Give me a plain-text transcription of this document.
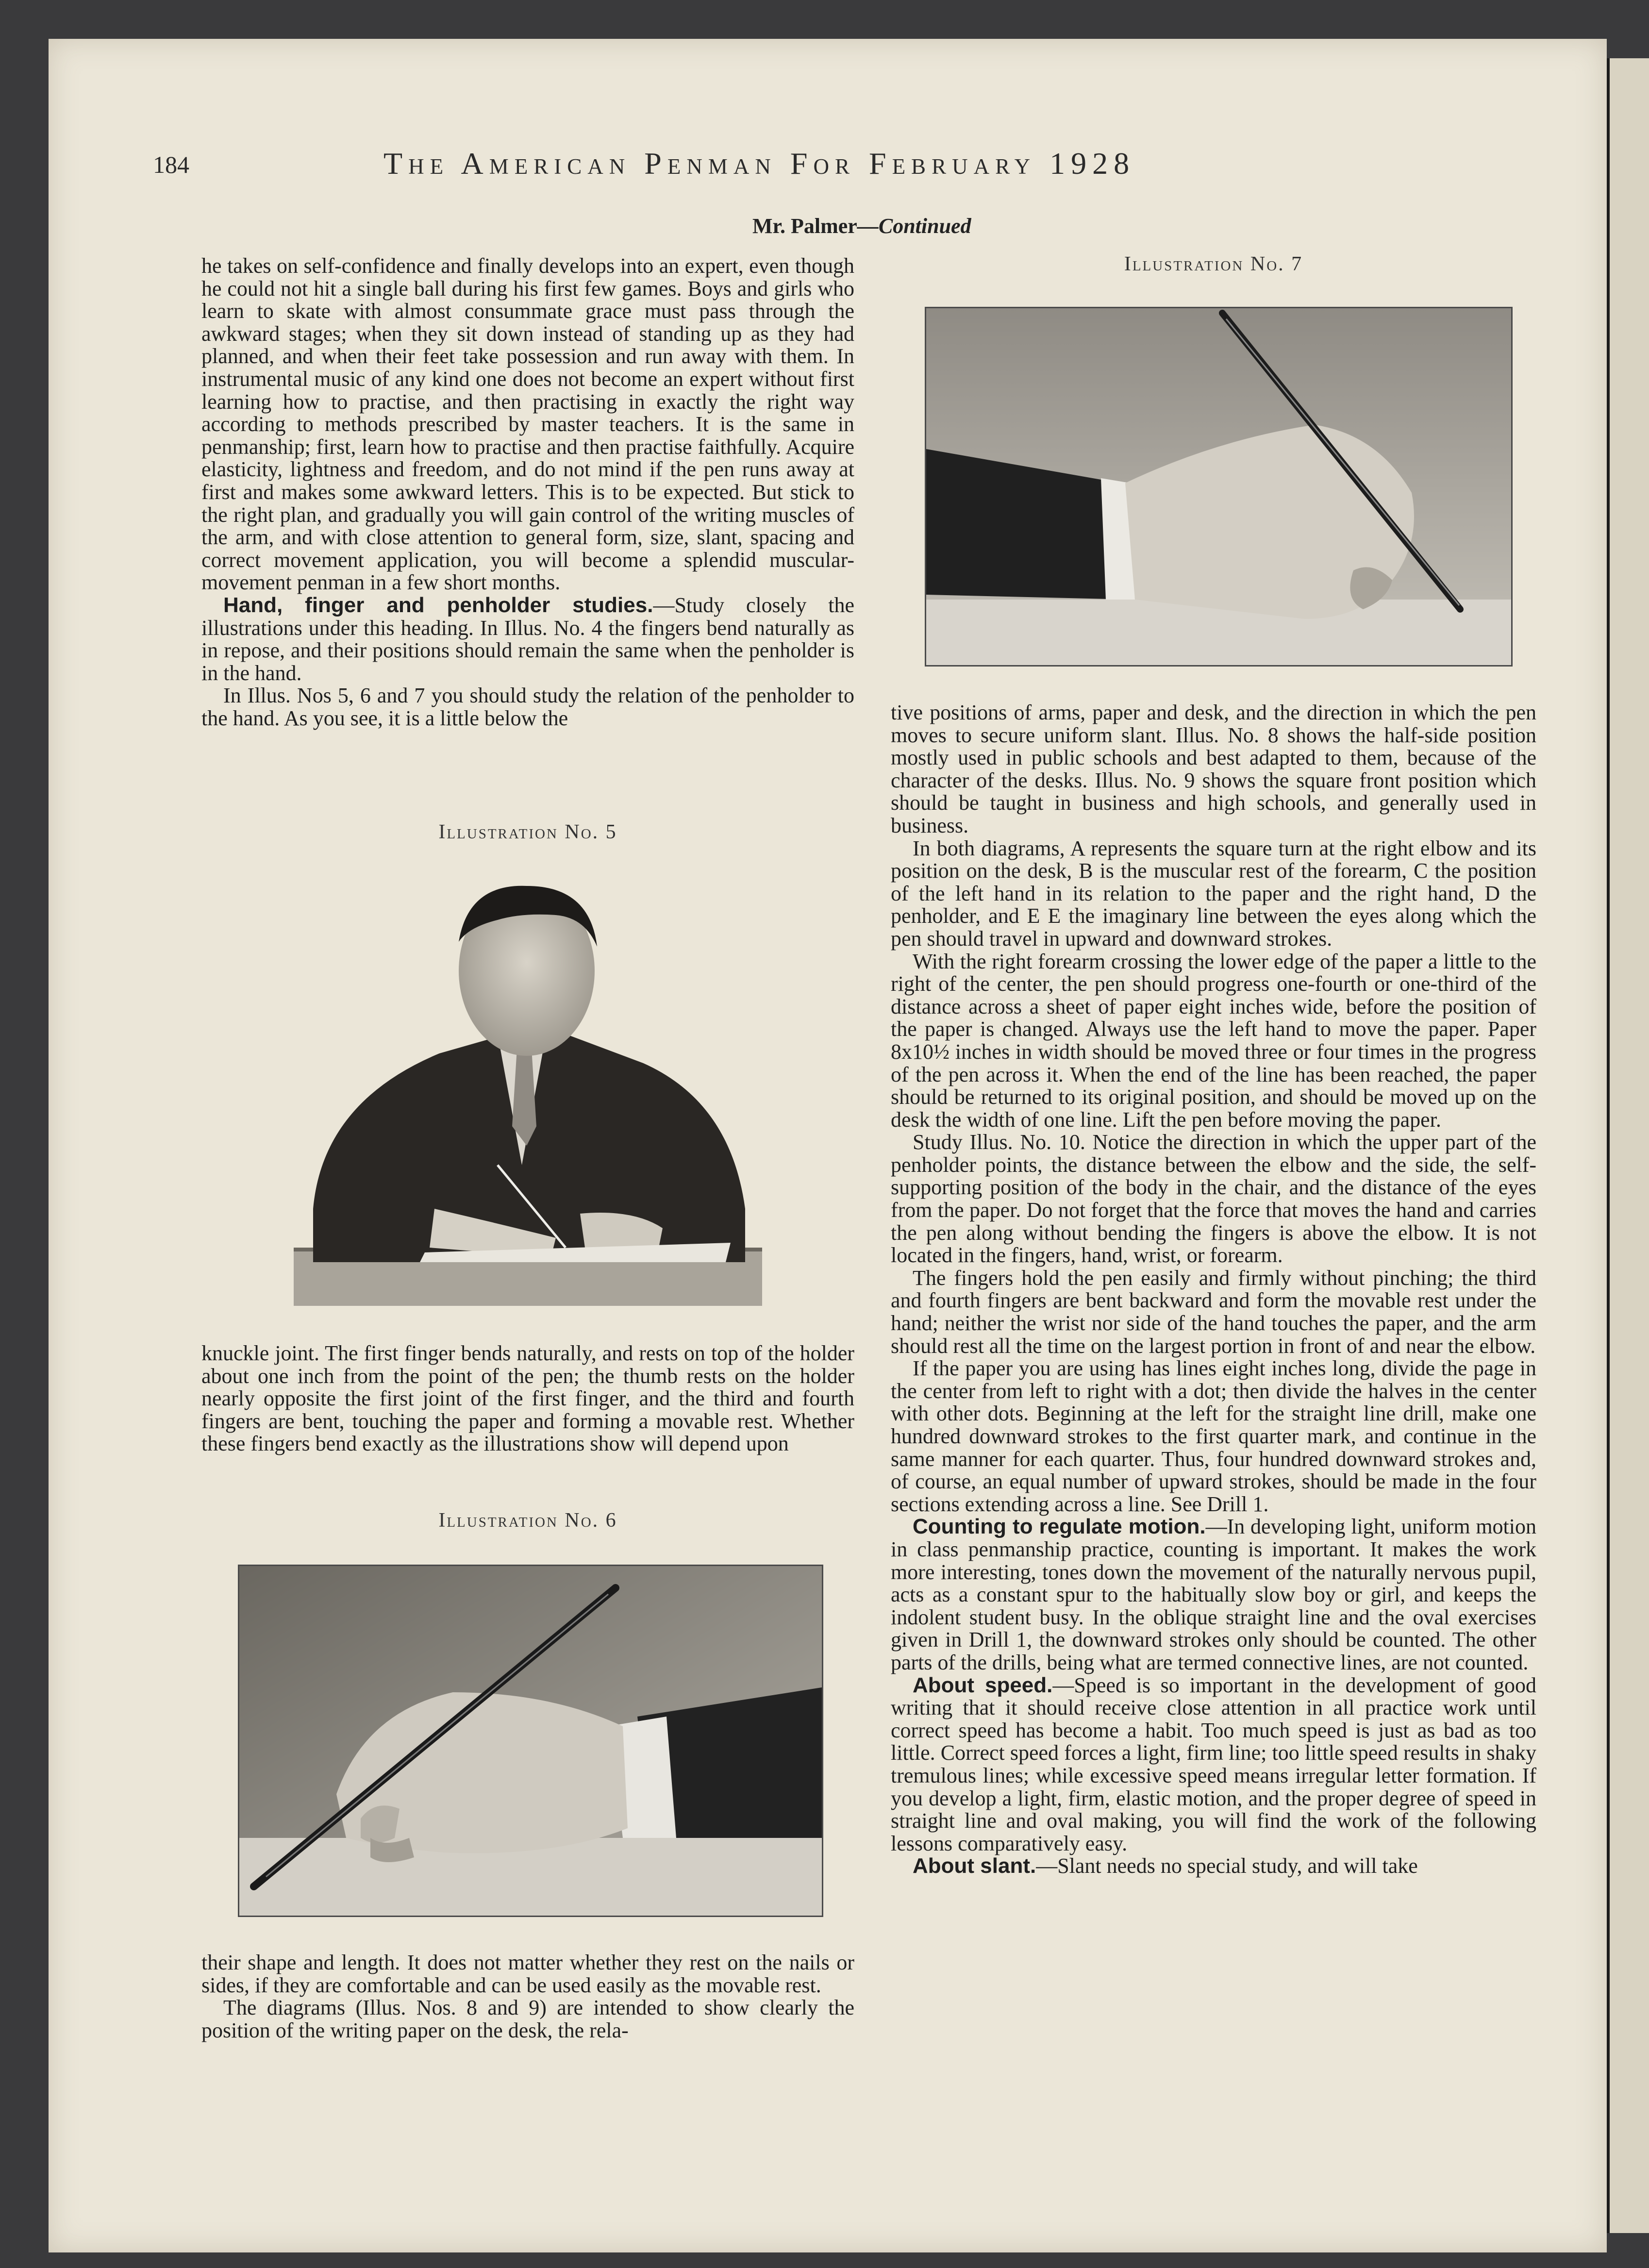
184	The American Penman For February 1928
Mr. Palmer—Continued

he takes on self-confidence and finally develops into an expert, even though he could not hit a single ball during his first few games. Boys and girls who learn to skate with almost consummate grace must pass through the awkward stages; when they sit down instead of standing up as they had planned, and when their feet take possession and run away with them. In instrumental music of any kind one does not become an expert without first learning how to practise, and then practising in exactly the right way according to methods prescribed by master teachers. It is the same in penmanship; first, learn how to practise and then practise faithfully. Acquire elasticity, lightness and freedom, and do not mind if the pen runs away at first and makes some awkward letters. This is to be expected. But stick to the right plan, and gradually you will gain control of the writing muscles of the arm, and with close attention to general form, size, slant, spacing and correct movement application, you will become a splendid muscular-movement penman in a few short months.

Hand, finger and penholder studies.—Study closely the illustrations under this heading. In Illus. No. 4 the fingers bend naturally as in repose, and their positions should remain the same when the penholder is in the hand.

In Illus. Nos 5, 6 and 7 you should study the relation of the penholder to the hand. As you see, it is a little below the

Illustration No. 5

knuckle joint. The first finger bends naturally, and rests on top of the holder about one inch from the point of the pen; the thumb rests on the holder nearly opposite the first joint of the first finger, and the third and fourth fingers are bent, touching the paper and forming a movable rest. Whether these fingers bend exactly as the illustrations show will depend upon

Illustration No. 6

their shape and length. It does not matter whether they rest on the nails or sides, if they are comfortable and can be used easily as the movable rest.

The diagrams (Illus. Nos. 8 and 9) are intended to show clearly the position of the writing paper on the desk, the rela-

Illustration No. 7

tive positions of arms, paper and desk, and the direction in which the pen moves to secure uniform slant. Illus. No. 8 shows the half-side position mostly used in public schools and best adapted to them, because of the character of the desks. Illus. No. 9 shows the square front position which should be taught in business and high schools, and generally used in business.

In both diagrams, A represents the square turn at the right elbow and its position on the desk, B is the muscular rest of the forearm, C the position of the left hand in its relation to the paper and the right hand, D the penholder, and E E the imaginary line between the eyes along which the pen should travel in upward and downward strokes.

With the right forearm crossing the lower edge of the paper a little to the right of the center, the pen should progress one-fourth or one-third of the distance across a sheet of paper eight inches wide, before the position of the paper is changed. Always use the left hand to move the paper. Paper 8x10½ inches in width should be moved three or four times in the progress of the pen across it. When the end of the line has been reached, the paper should be returned to its original position, and should be moved up on the desk the width of one line. Lift the pen before moving the paper.

Study Illus. No. 10. Notice the direction in which the upper part of the penholder points, the distance between the elbow and the side, the self-supporting position of the body in the chair, and the distance of the eyes from the paper. Do not forget that the force that moves the hand and carries the pen along without bending the fingers is above the elbow. It is not located in the fingers, hand, wrist, or forearm.

The fingers hold the pen easily and firmly without pinching; the third and fourth fingers are bent backward and form the movable rest under the hand; neither the wrist nor side of the hand touches the paper, and the arm should rest all the time on the largest portion in front of and near the elbow.

If the paper you are using has lines eight inches long, divide the page in the center from left to right with a dot; then divide the halves in the center with other dots. Beginning at the left for the straight line drill, make one hundred downward strokes to the first quarter mark, and continue in the same manner for each quarter. Thus, four hundred downward strokes and, of course, an equal number of upward strokes, should be made in the four sections extending across a line. See Drill 1.

Counting to regulate motion.—In developing light, uniform motion in class penmanship practice, counting is important. It makes the work more interesting, tones down the movement of the naturally nervous pupil, acts as a constant spur to the habitually slow boy or girl, and keeps the indolent student busy. In the oblique straight line and the oval exercises given in Drill 1, the downward strokes only should be counted. The other parts of the drills, being what are termed connective lines, are not counted.

About speed.—Speed is so important in the development of good writing that it should receive close attention in all practice work until correct speed has become a habit. Too much speed is just as bad as too little. Correct speed forces a light, firm line; too little speed results in shaky tremulous lines; while excessive speed means irregular letter formation. If you develop a light, firm, elastic motion, and the proper degree of speed in straight line and oval making, you will find the work of the following lessons comparatively easy.

About slant.—Slant needs no special study, and will take
